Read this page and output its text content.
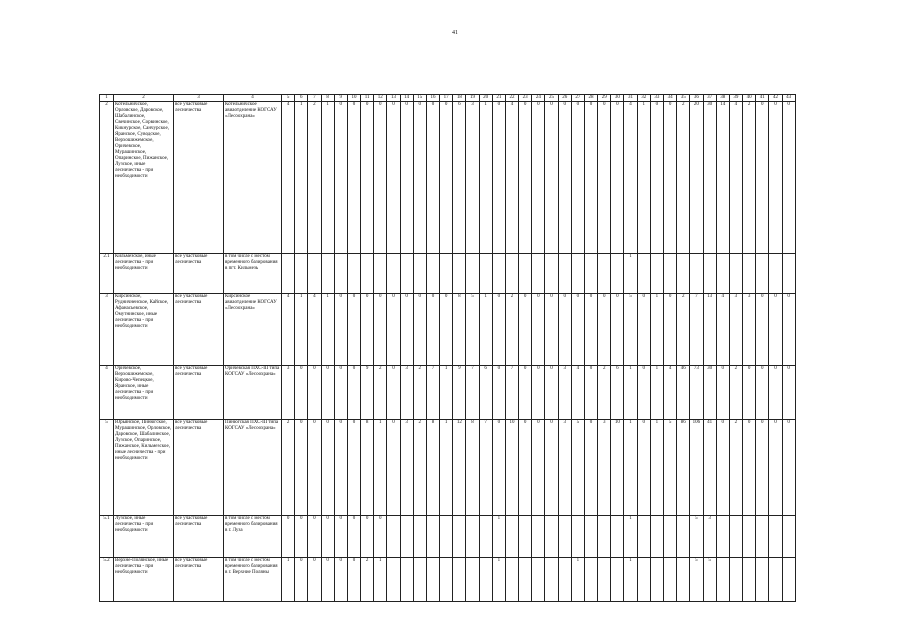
41
1	2	3	4	5	6	7	8	9	10	11	12	13	14	15	16	17	18	19	20	21	22	23	24	25	26	27	28	29	30	31	32	33	34	35	36	37	38	39	40	41	42	43	
2	Котельничское, Орловское, Даровское, Шабалинское, Свечинское, Сорвинское, Кикнурское, Санчурское, Яранское, Суводское, Верхошижемское, Оричевское, Мурашинское, Опаринское, Пижанское, Лузское, иные лесничества - при необходимости	все участковые лесничества	Котельничское авиаотделение КОГСАУ «Лесоохрана»	4	1	2	1	0	0	0	0	0	0	0	0	0	6	3	1	0	4	0	0	0	0	0	0	0	0	4	1	0	0	2	20	30	14	4	2	0	0	0	
2.1	Кильмезское, иные лесничества - при необходимости	все участковые лесничества	в том числе с местом временного базирования в пгт. Кильмезь																											1													
3	Кирсинское, Рудничненское, Кайское, Афанасьевское, Омутнинское, иные лесничества - при необходимости	все участковые лесничества	Кирсинское авиаотделение КОГСАУ «Лесоохрана»	4	1	4	1	0	0	0	0	0	0	0	0	0	8	5	1	0	2	0	0	0	0	0	0	0	0	5	0	1	0	2	7	13	4	3	3	0	0	0	
4	Оричевское, Верхошижемское, Кирово-Чепецкое, Яранское, иные лесничества - при необходимости	все участковые лесничества	Оричевская ПХС-III типа КОГСАУ «Лесоохрана»	3	0	0	0	0	0	9	2	0	3	2	7	1	9	7	6	0	7	0	0	0	3	4	0	2	6	1	0	1	4	46	73	30	0	2	0	0	0	0	
5	Юрьянское, Пинюгское, Мурашинское, Орловское, Даровское, Шабалинское, Лузское, Опаринское, Пижанское, Кильмезское, иные лесничества - при необходимости	все участковые лесничества	Пинюгская ПХС-III типа КОГСАУ «Лесоохрана»	2	0	0	0	0	0	8	1	0	3	2	8	1	12	8	7	0	10	0	0	0	3	5	0	3	10	1	0	1	5	86	106	41	0	2	0	0	0	0	
5.1	Лузское, иные лесничества - при необходимости	все участковые лесничества	в том числе с местом временного базирования в г. Луза	0	0	0	0	0	0	0	0									1										1					5	3							
5.2	Верхне-Полянское, иные лесничества - при необходимости	все участковые лесничества	в том числе с местом временного базирования в г. Верхние Поляны	1	0	0	0	0	0	2	1									1						1				1					5	5							
